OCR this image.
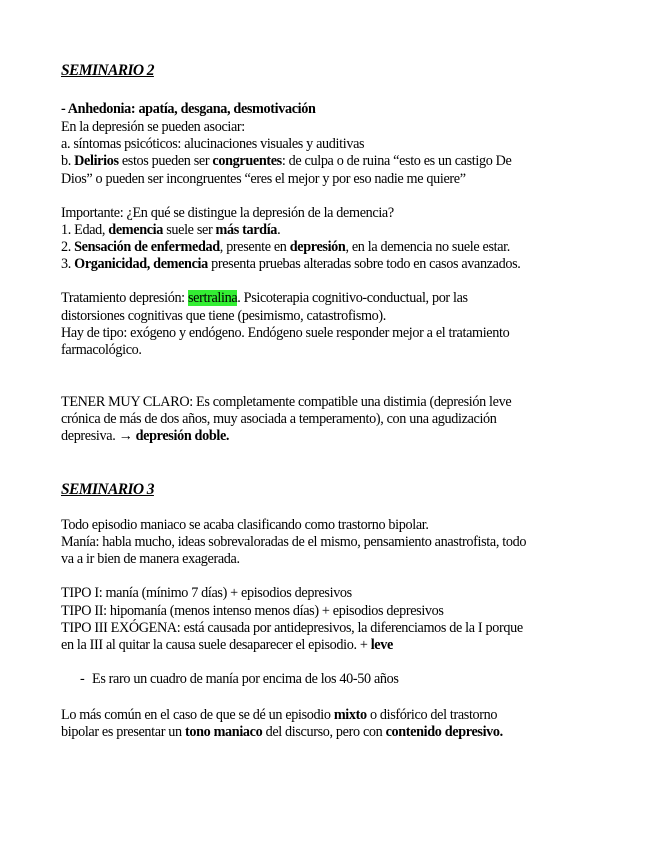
SEMINARIO 2
- Anhedonia: apatía, desgana, desmotivación
En la depresión se pueden asociar:
a. síntomas psicóticos: alucinaciones visuales y auditivas
b. Delirios estos pueden ser congruentes: de culpa o de ruina “esto es un castigo De
Dios” o pueden ser incongruentes “eres el mejor y por eso nadie me quiere”
Importante: ¿En qué se distingue la depresión de la demencia?
1. Edad, demencia suele ser más tardía.
2. Sensación de enfermedad, presente en depresión, en la demencia no suele estar.
3. Organicidad, demencia presenta pruebas alteradas sobre todo en casos avanzados.
Tratamiento depresión: sertralina. Psicoterapia cognitivo-conductual, por las
distorsiones cognitivas que tiene (pesimismo, catastrofismo).
Hay de tipo: exógeno y endógeno. Endógeno suele responder mejor a el tratamiento
farmacológico.
TENER MUY CLARO: Es completamente compatible una distimia (depresión leve
crónica de más de dos años, muy asociada a temperamento), con una agudización
depresiva. → depresión doble.
SEMINARIO 3
Todo episodio maniaco se acaba clasificando como trastorno bipolar.
Manía: habla mucho, ideas sobrevaloradas de el mismo, pensamiento anastrofista, todo
va a ir bien de manera exagerada.
TIPO I: manía (mínimo 7 días) + episodios depresivos
TIPO II: hipomanía (menos intenso menos días) + episodios depresivos
TIPO III EXÓGENA: está causada por antidepresivos, la diferenciamos de la I porque
en la III al quitar la causa suele desaparecer el episodio. + leve
- Es raro un cuadro de manía por encima de los 40-50 años
Lo más común en el caso de que se dé un episodio mixto o disfórico del trastorno
bipolar es presentar un tono maniaco del discurso, pero con contenido depresivo.
